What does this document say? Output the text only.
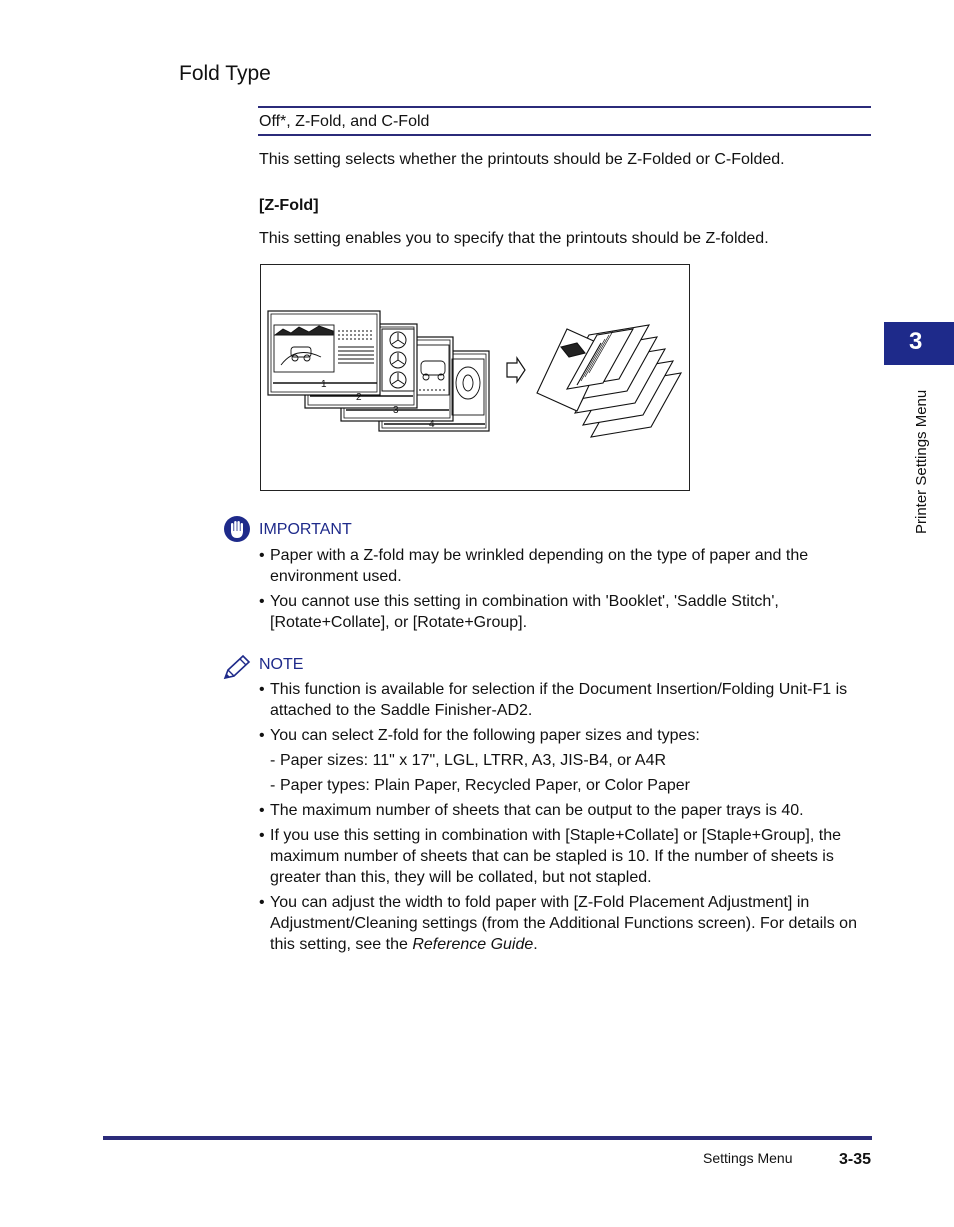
Fold Type
Off*, Z-Fold, and C-Fold
This setting selects whether the printouts should be Z-Folded or C-Folded.
[Z-Fold]
This setting enables you to specify that the printouts should be Z-folded.
1
2
3
4
IMPORTANT
• Paper with a Z-fold may be wrinkled depending on the type of paper and the environment used.
• You cannot use this setting in combination with 'Booklet', 'Saddle Stitch', [Rotate+Collate], or [Rotate+Group].
NOTE
• This function is available for selection if the Document Insertion/Folding Unit-F1 is attached to the Saddle Finisher-AD2.
• You can select Z-fold for the following paper sizes and types:
- Paper sizes: 11" x 17", LGL, LTRR, A3, JIS-B4, or A4R
- Paper types: Plain Paper, Recycled Paper, or Color Paper
• The maximum number of sheets that can be output to the paper trays is 40.
• If you use this setting in combination with [Staple+Collate] or [Staple+Group], the maximum number of sheets that can be stapled is 10. If the number of sheets is greater than this, they will be collated, but not stapled.
• You can adjust the width to fold paper with [Z-Fold Placement Adjustment] in Adjustment/Cleaning settings (from the Additional Functions screen). For details on this setting, see the Reference Guide.
3
Printer Settings Menu
Settings Menu	3-35
